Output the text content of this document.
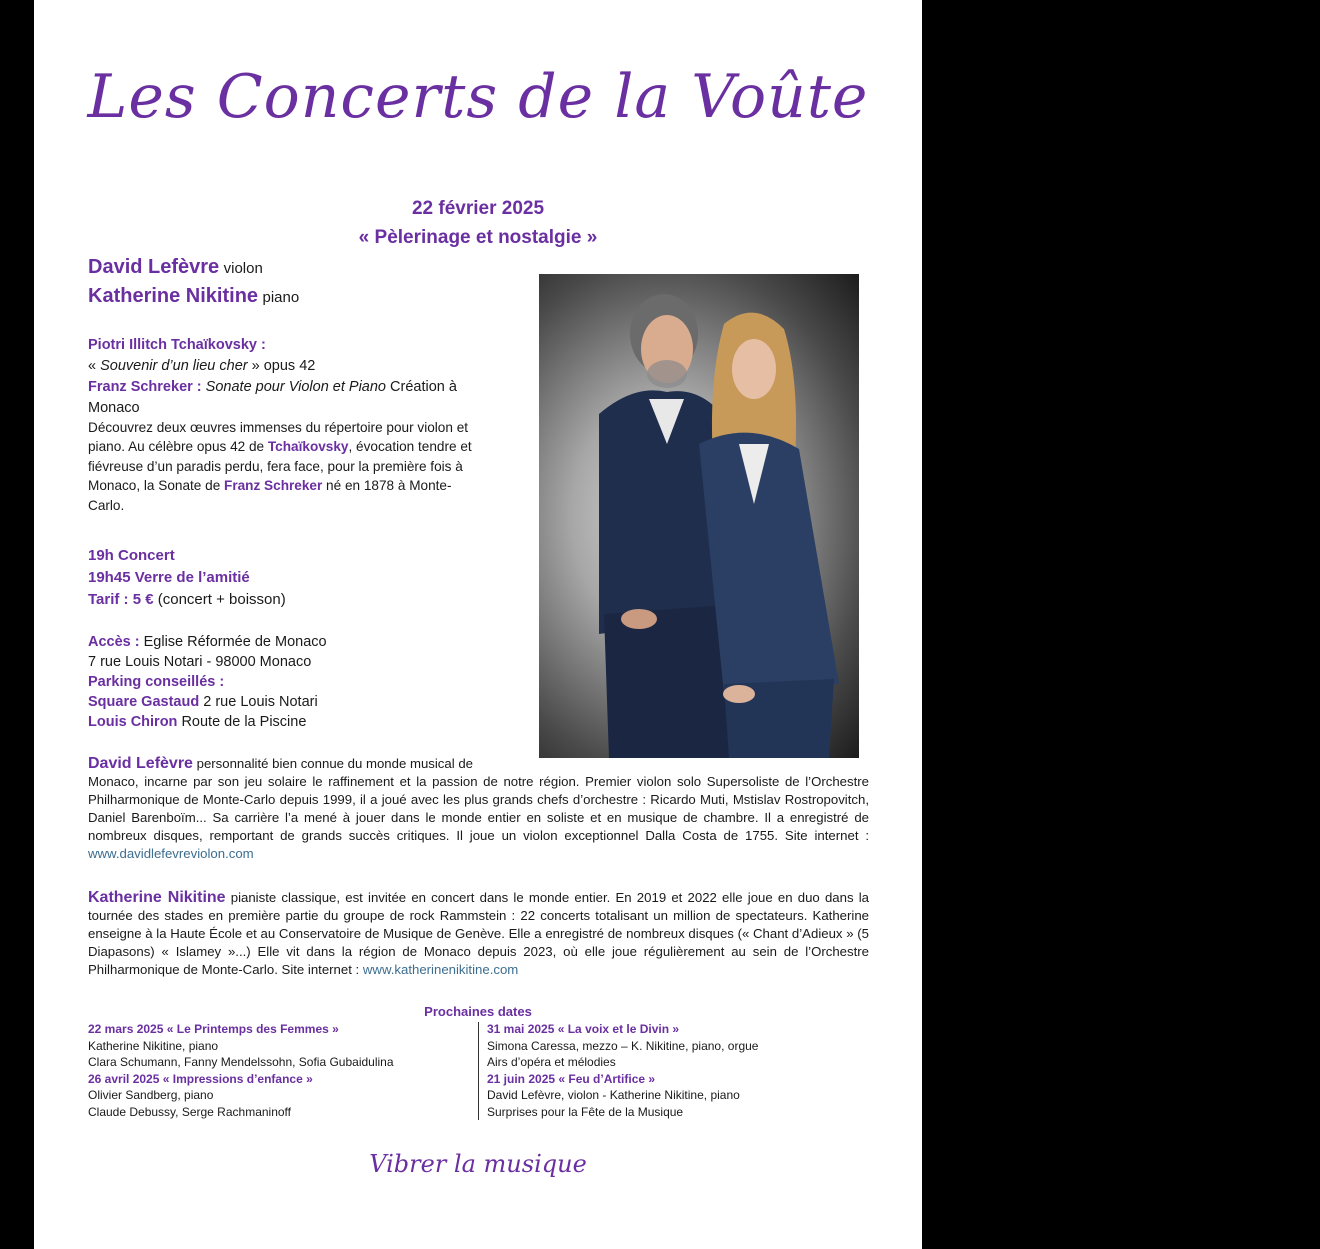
Les Concerts de la Voûte
22 février 2025
« Pèlerinage et nostalgie »
David Lefèvre violon
Katherine Nikitine piano
Piotri Illitch Tchaïkovsky :
« Souvenir d’un lieu cher » opus 42
Franz Schreker : Sonate pour Violon et Piano Création à
Monaco
Découvrez deux œuvres immenses du répertoire pour violon et
piano. Au célèbre opus 42 de Tchaïkovsky, évocation tendre et
fiévreuse d’un paradis perdu, fera face, pour la première fois à
Monaco, la Sonate de Franz Schreker né en 1878 à Monte-
Carlo.
19h Concert
19h45 Verre de l’amitié
Tarif : 5 € (concert + boisson)
Accès : Eglise Réformée de Monaco
7 rue Louis Notari - 98000 Monaco
Parking conseillés :
Square Gastaud 2 rue Louis Notari
Louis Chiron Route de la Piscine
David Lefèvre personnalité bien connue du monde musical de
Monaco, incarne par son jeu solaire le raffinement et la passion de notre région. Premier violon solo Supersoliste de l’Orchestre Philharmonique de Monte-Carlo depuis 1999, il a joué avec les plus grands chefs d’orchestre : Ricardo Muti, Mstislav Rostropovitch, Daniel Barenboïm... Sa carrière l’a mené à jouer dans le monde entier en soliste et en musique de chambre. Il a enregistré de nombreux disques, remportant de grands succès critiques. Il joue un violon exceptionnel Dalla Costa de 1755. Site internet : www.davidlefevreviolon.com
Katherine Nikitine pianiste classique, est invitée en concert dans le monde entier. En 2019 et 2022 elle joue en duo dans la tournée des stades en première partie du groupe de rock Rammstein : 22 concerts totalisant un million de spectateurs. Katherine enseigne à la Haute École et au Conservatoire de Musique de Genève. Elle a enregistré de nombreux disques (« Chant d’Adieux » (5 Diapasons) « Islamey »...) Elle vit dans la région de Monaco depuis 2023, où elle joue régulièrement au sein de l’Orchestre Philharmonique de Monte-Carlo. Site internet : www.katherinenikitine.com
Prochaines dates
22 mars 2025 « Le Printemps des Femmes »
Katherine Nikitine, piano
Clara Schumann, Fanny Mendelssohn, Sofia Gubaidulina
26 avril 2025 « Impressions d’enfance »
Olivier Sandberg, piano
Claude Debussy, Serge Rachmaninoff
31 mai 2025 « La voix et le Divin »
Simona Caressa, mezzo – K. Nikitine, piano, orgue
Airs d’opéra et mélodies
21 juin 2025 « Feu d’Artifice »
David Lefèvre, violon - Katherine Nikitine, piano
Surprises pour la Fête de la Musique
Vibrer la musique
